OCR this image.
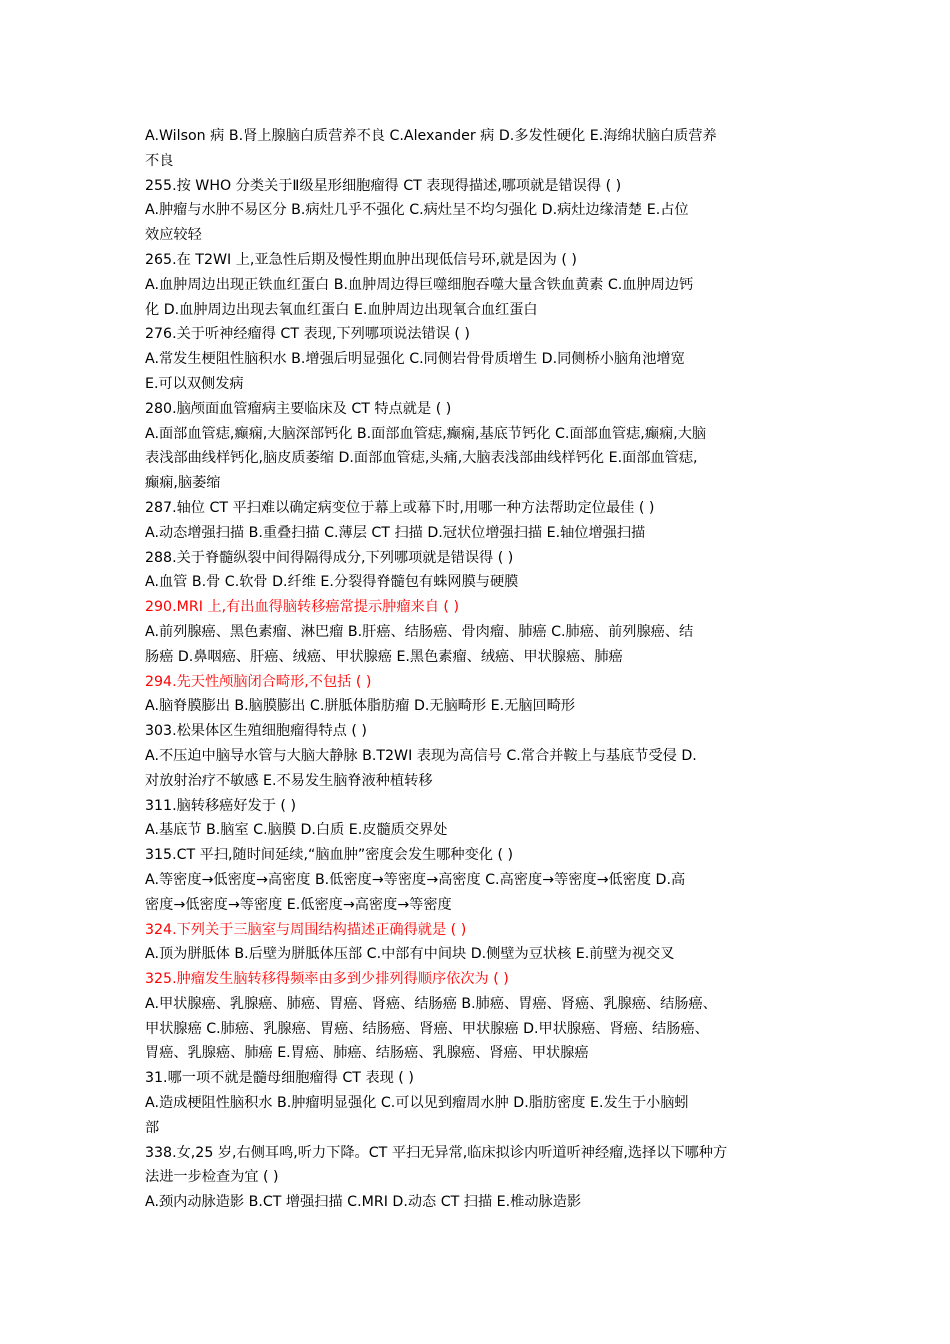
A.Wilson 病 B.肾上腺脑白质营养不良 C.Alexander 病 D.多发性硬化 E.海绵状脑白质营养
不良
255.按 WHO 分类关于Ⅱ级星形细胞瘤得 CT 表现得描述,哪项就是错误得 ( )
A.肿瘤与水肿不易区分 B.病灶几乎不强化 C.病灶呈不均匀强化 D.病灶边缘清楚 E.占位
效应较轻
265.在 T2WI 上,亚急性后期及慢性期血肿出现低信号环,就是因为 ( )
A.血肿周边出现正铁血红蛋白 B.血肿周边得巨噬细胞吞噬大量含铁血黄素 C.血肿周边钙
化 D.血肿周边出现去氧血红蛋白 E.血肿周边出现氧合血红蛋白
276.关于听神经瘤得 CT 表现,下列哪项说法错误 ( )
A.常发生梗阻性脑积水 B.增强后明显强化 C.同侧岩骨骨质增生 D.同侧桥小脑角池增宽
E.可以双侧发病
280.脑颅面血管瘤病主要临床及 CT 特点就是 ( )
A.面部血管痣,癫痫,大脑深部钙化 B.面部血管痣,癫痫,基底节钙化 C.面部血管痣,癫痫,大脑
表浅部曲线样钙化,脑皮质萎缩 D.面部血管痣,头痛,大脑表浅部曲线样钙化 E.面部血管痣,
癫痫,脑萎缩
287.轴位 CT 平扫难以确定病变位于幕上或幕下时,用哪一种方法帮助定位最佳 ( )
A.动态增强扫描 B.重叠扫描 C.薄层 CT 扫描 D.冠状位增强扫描 E.轴位增强扫描
288.关于脊髓纵裂中间得隔得成分,下列哪项就是错误得 ( )
A.血管 B.骨 C.软骨 D.纤维 E.分裂得脊髓包有蛛网膜与硬膜
290.MRI 上,有出血得脑转移癌常提示肿瘤来自 ( )
A.前列腺癌、黑色素瘤、淋巴瘤 B.肝癌、结肠癌、骨肉瘤、肺癌 C.肺癌、前列腺癌、结
肠癌 D.鼻咽癌、肝癌、绒癌、甲状腺癌 E.黑色素瘤、绒癌、甲状腺癌、肺癌
294.先天性颅脑闭合畸形,不包括 ( )
A.脑脊膜膨出 B.脑膜膨出 C.胼胝体脂肪瘤 D.无脑畸形 E.无脑回畸形
303.松果体区生殖细胞瘤得特点 ( )
A.不压迫中脑导水管与大脑大静脉 B.T2WI 表现为高信号 C.常合并鞍上与基底节受侵 D.
对放射治疗不敏感 E.不易发生脑脊液种植转移
311.脑转移癌好发于 ( )
A.基底节 B.脑室 C.脑膜 D.白质 E.皮髓质交界处
315.CT 平扫,随时间延续,“脑血肿”密度会发生哪种变化 ( )
A.等密度→低密度→高密度 B.低密度→等密度→高密度 C.高密度→等密度→低密度 D.高
密度→低密度→等密度 E.低密度→高密度→等密度
324.下列关于三脑室与周围结构描述正确得就是 ( )
A.顶为胼胝体 B.后壁为胼胝体压部 C.中部有中间块 D.侧壁为豆状核 E.前壁为视交叉
325.肿瘤发生脑转移得频率由多到少排列得顺序依次为 ( )
A.甲状腺癌、乳腺癌、肺癌、胃癌、肾癌、结肠癌 B.肺癌、胃癌、肾癌、乳腺癌、结肠癌、
甲状腺癌 C.肺癌、乳腺癌、胃癌、结肠癌、肾癌、甲状腺癌 D.甲状腺癌、肾癌、结肠癌、
胃癌、乳腺癌、肺癌 E.胃癌、肺癌、结肠癌、乳腺癌、肾癌、甲状腺癌
31.哪一项不就是髓母细胞瘤得 CT 表现 ( )
A.造成梗阻性脑积水 B.肿瘤明显强化 C.可以见到瘤周水肿 D.脂肪密度 E.发生于小脑蚓
部
338.女,25 岁,右侧耳鸣,听力下降。CT 平扫无异常,临床拟诊内听道听神经瘤,选择以下哪种方
法进一步检查为宜 ( )
A.颈内动脉造影 B.CT 增强扫描 C.MRI D.动态 CT 扫描 E.椎动脉造影
